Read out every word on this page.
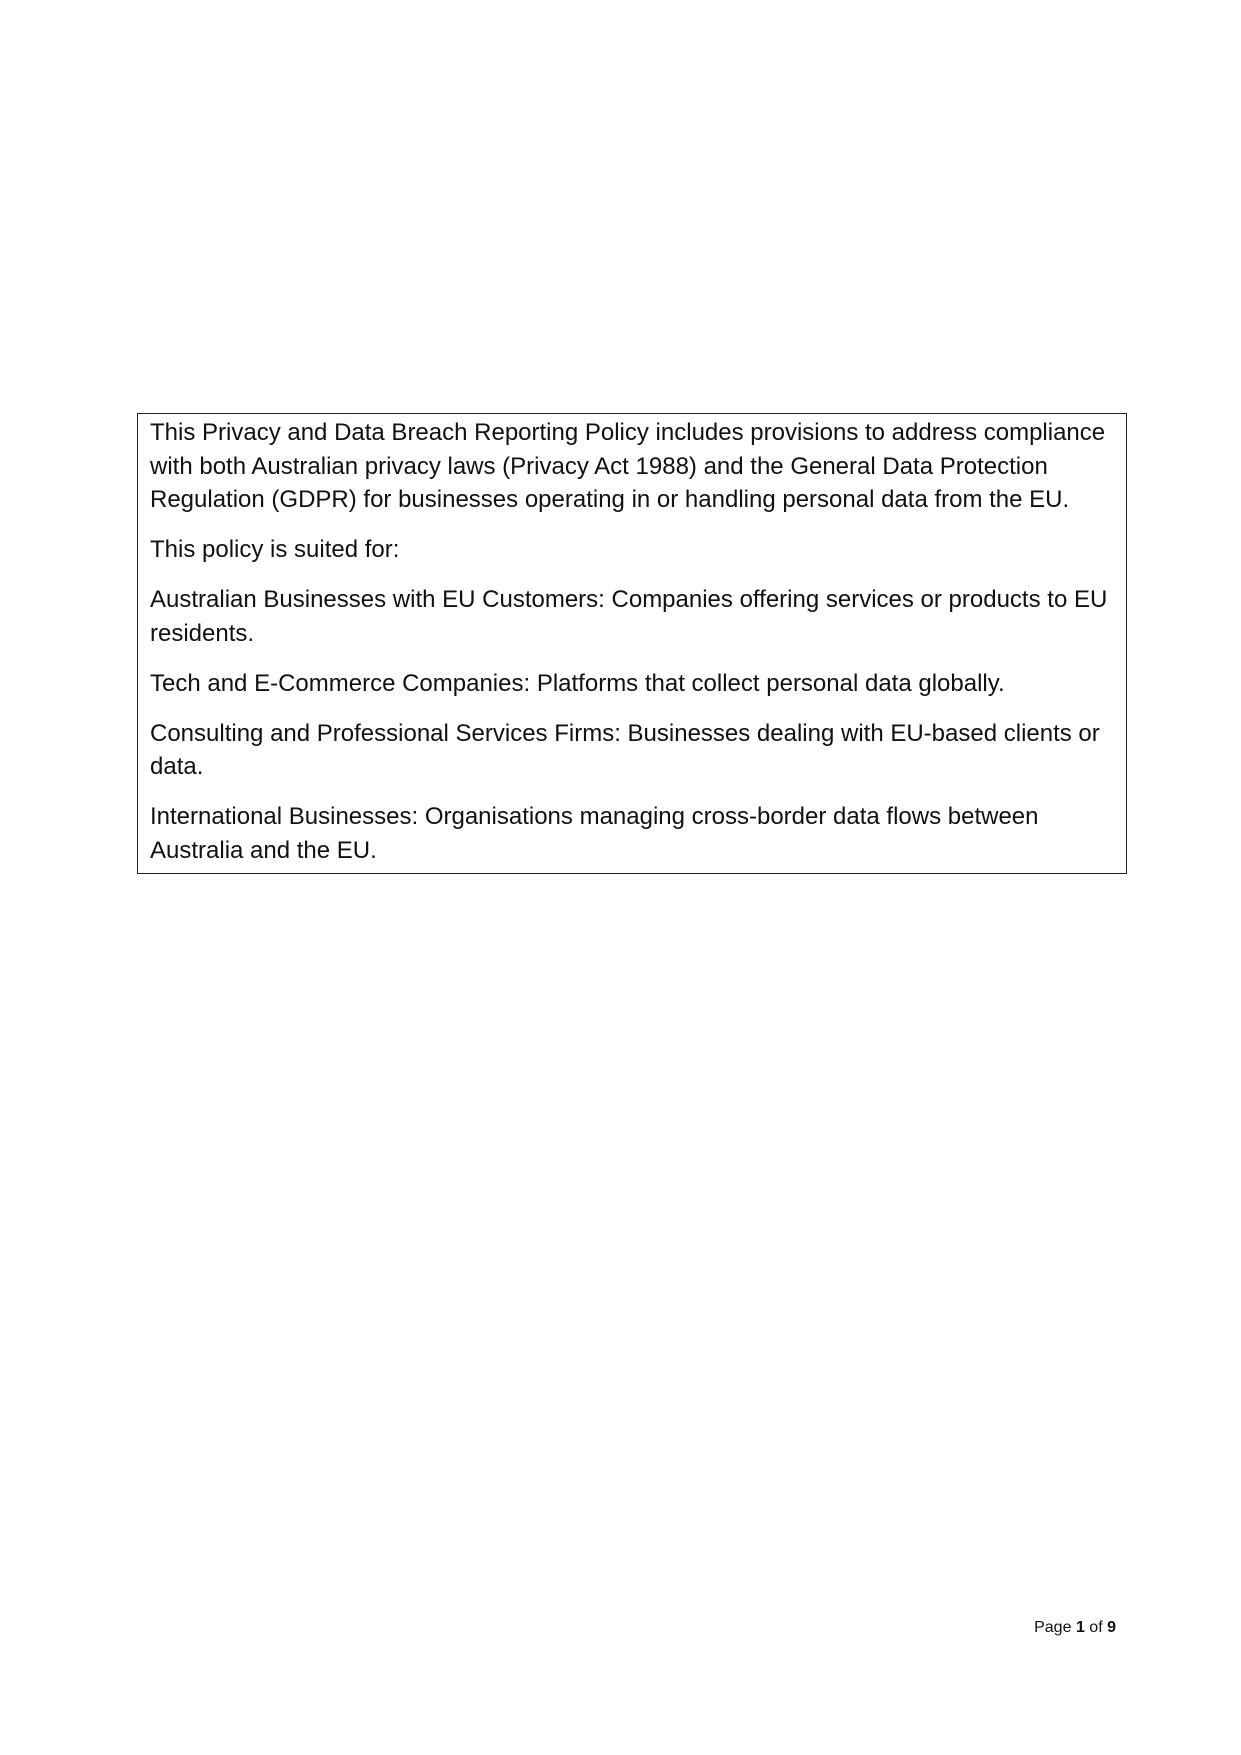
This Privacy and Data Breach Reporting Policy includes provisions to address compliance with both Australian privacy laws (Privacy Act 1988) and the General Data Protection Regulation (GDPR) for businesses operating in or handling personal data from the EU.

This policy is suited for:

Australian Businesses with EU Customers: Companies offering services or products to EU residents.

Tech and E-Commerce Companies: Platforms that collect personal data globally.

Consulting and Professional Services Firms: Businesses dealing with EU-based clients or data.

International Businesses: Organisations managing cross-border data flows between Australia and the EU.

Page 1 of 9
